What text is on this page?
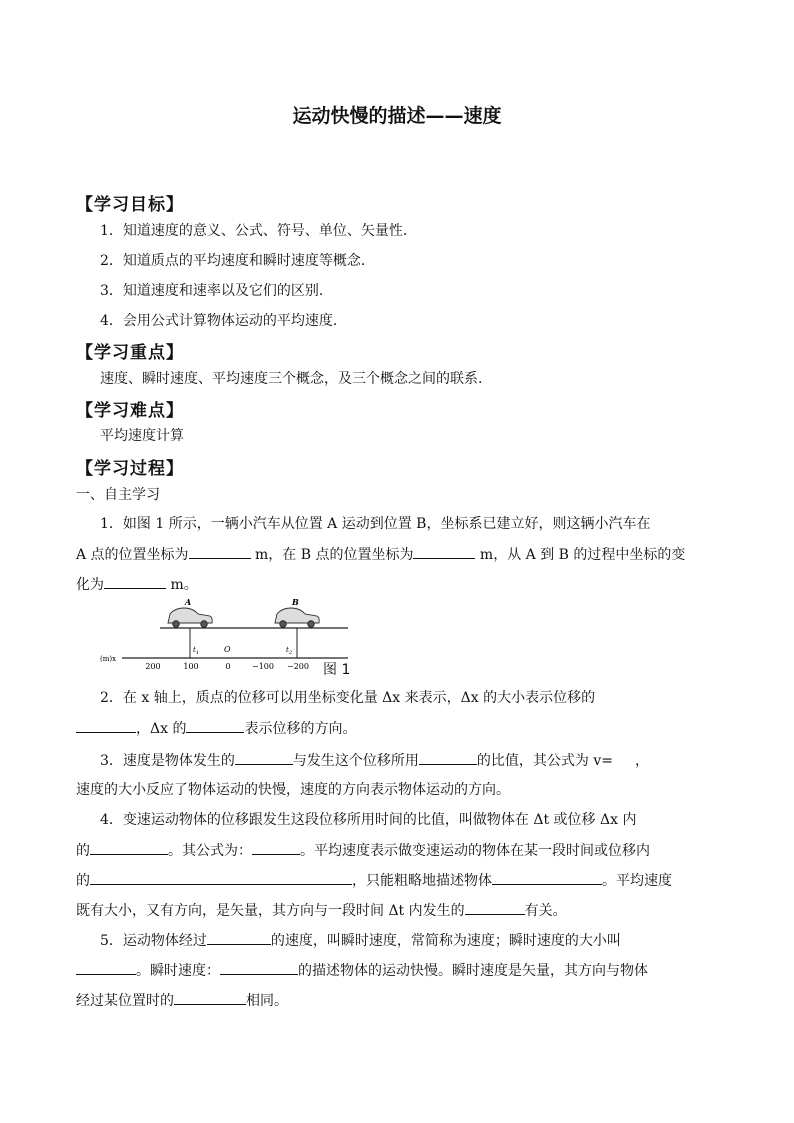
运动快慢的描述——速度
【学习目标】
1．知道速度的意义、公式、符号、单位、矢量性.
2．知道质点的平均速度和瞬时速度等概念.
3．知道速度和速率以及它们的区别.
4．会用公式计算物体运动的平均速度.
【学习重点】
速度、瞬时速度、平均速度三个概念，及三个概念之间的联系.
【学习难点】
平均速度计算
【学习过程】
一、自主学习
1．如图 1 所示，一辆小汽车从位置 A 运动到位置 B，坐标系已建立好，则这辆小汽车在
A 点的位置坐标为	m，在 B 点的位置坐标为	m，从 A 到 B 的过程中坐标的变
化为	m。
A	B
$t_1$	$t_2$
O
(m)x
200	100	0	−100 −200 图 1
2．在 x 轴上，质点的位移可以用坐标变化量 Δx 来表示，Δx 的大小表示位移的
，Δx 的	表示位移的方向。
3．速度是物体发生的	与发生这个位移所用	的比值，其公式为 v= ，
速度的大小反应了物体运动的快慢，速度的方向表示物体运动的方向。
4．变速运动物体的位移跟发生这段位移所用时间的比值，叫做物体在 Δt 或位移 Δx 内
的	。其公式为：	。平均速度表示做变速运动的物体在某一段时间或位移内
的	，只能粗略地描述物体	。平均速度
既有大小，又有方向，是矢量，其方向与一段时间 Δt 内发生的	有关。
5．运动物体经过	的速度，叫瞬时速度，常简称为速度；瞬时速度的大小叫
。瞬时速度：	的描述物体的运动快慢。瞬时速度是矢量，其方向与物体
经过某位置时的	相同。
